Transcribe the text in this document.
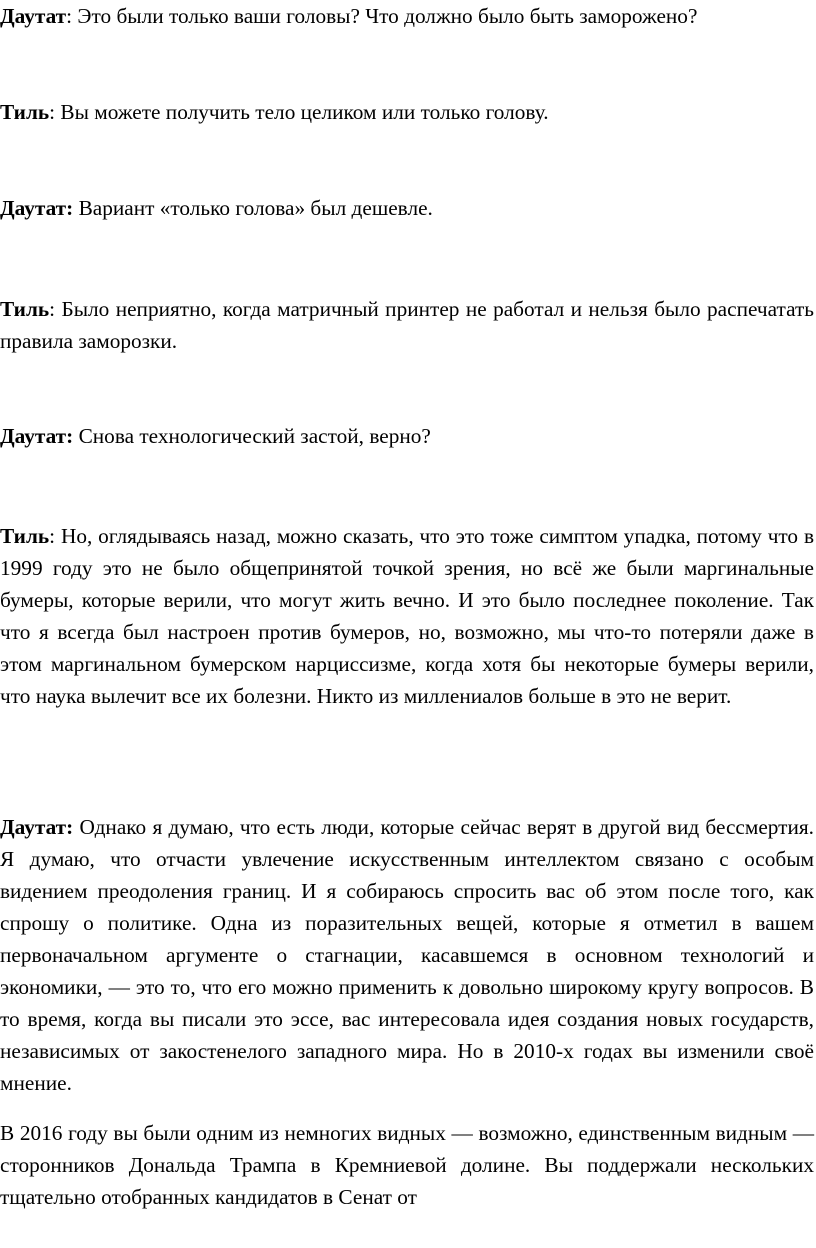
Даутат: Это были только ваши головы? Что должно было быть заморожено?

Тиль: Вы можете получить тело целиком или только голову.

Даутат: Вариант «только голова» был дешевле.

Тиль: Было неприятно, когда матричный принтер не работал и нельзя было распечатать правила заморозки.

Даутат: Снова технологический застой, верно?

Тиль: Но, оглядываясь назад, можно сказать, что это тоже симптом упадка, потому что в 1999 году это не было общепринятой точкой зрения, но всё же были маргинальные бумеры, которые верили, что могут жить вечно. И это было последнее поколение. Так что я всегда был настроен против бумеров, но, возможно, мы что-то потеряли даже в этом маргинальном бумерском нарциссизме, когда хотя бы некоторые бумеры верили, что наука вылечит все их болезни. Никто из миллениалов больше в это не верит.

Даутат: Однако я думаю, что есть люди, которые сейчас верят в другой вид бессмертия. Я думаю, что отчасти увлечение искусственным интеллектом связано с особым видением преодоления границ. И я собираюсь спросить вас об этом после того, как спрошу о политике. Одна из поразительных вещей, которые я отметил в вашем первоначальном аргументе о стагнации, касавшемся в основном технологий и экономики, — это то, что его можно применить к довольно широкому кругу вопросов. В то время, когда вы писали это эссе, вас интересовала идея создания новых государств, независимых от закостенелого западного мира. Но в 2010-х годах вы изменили своё мнение.

В 2016 году вы были одним из немногих видных — возможно, единственным видным — сторонников Дональда Трампа в Кремниевой долине. Вы поддержали нескольких тщательно отобранных кандидатов в Сенат от
